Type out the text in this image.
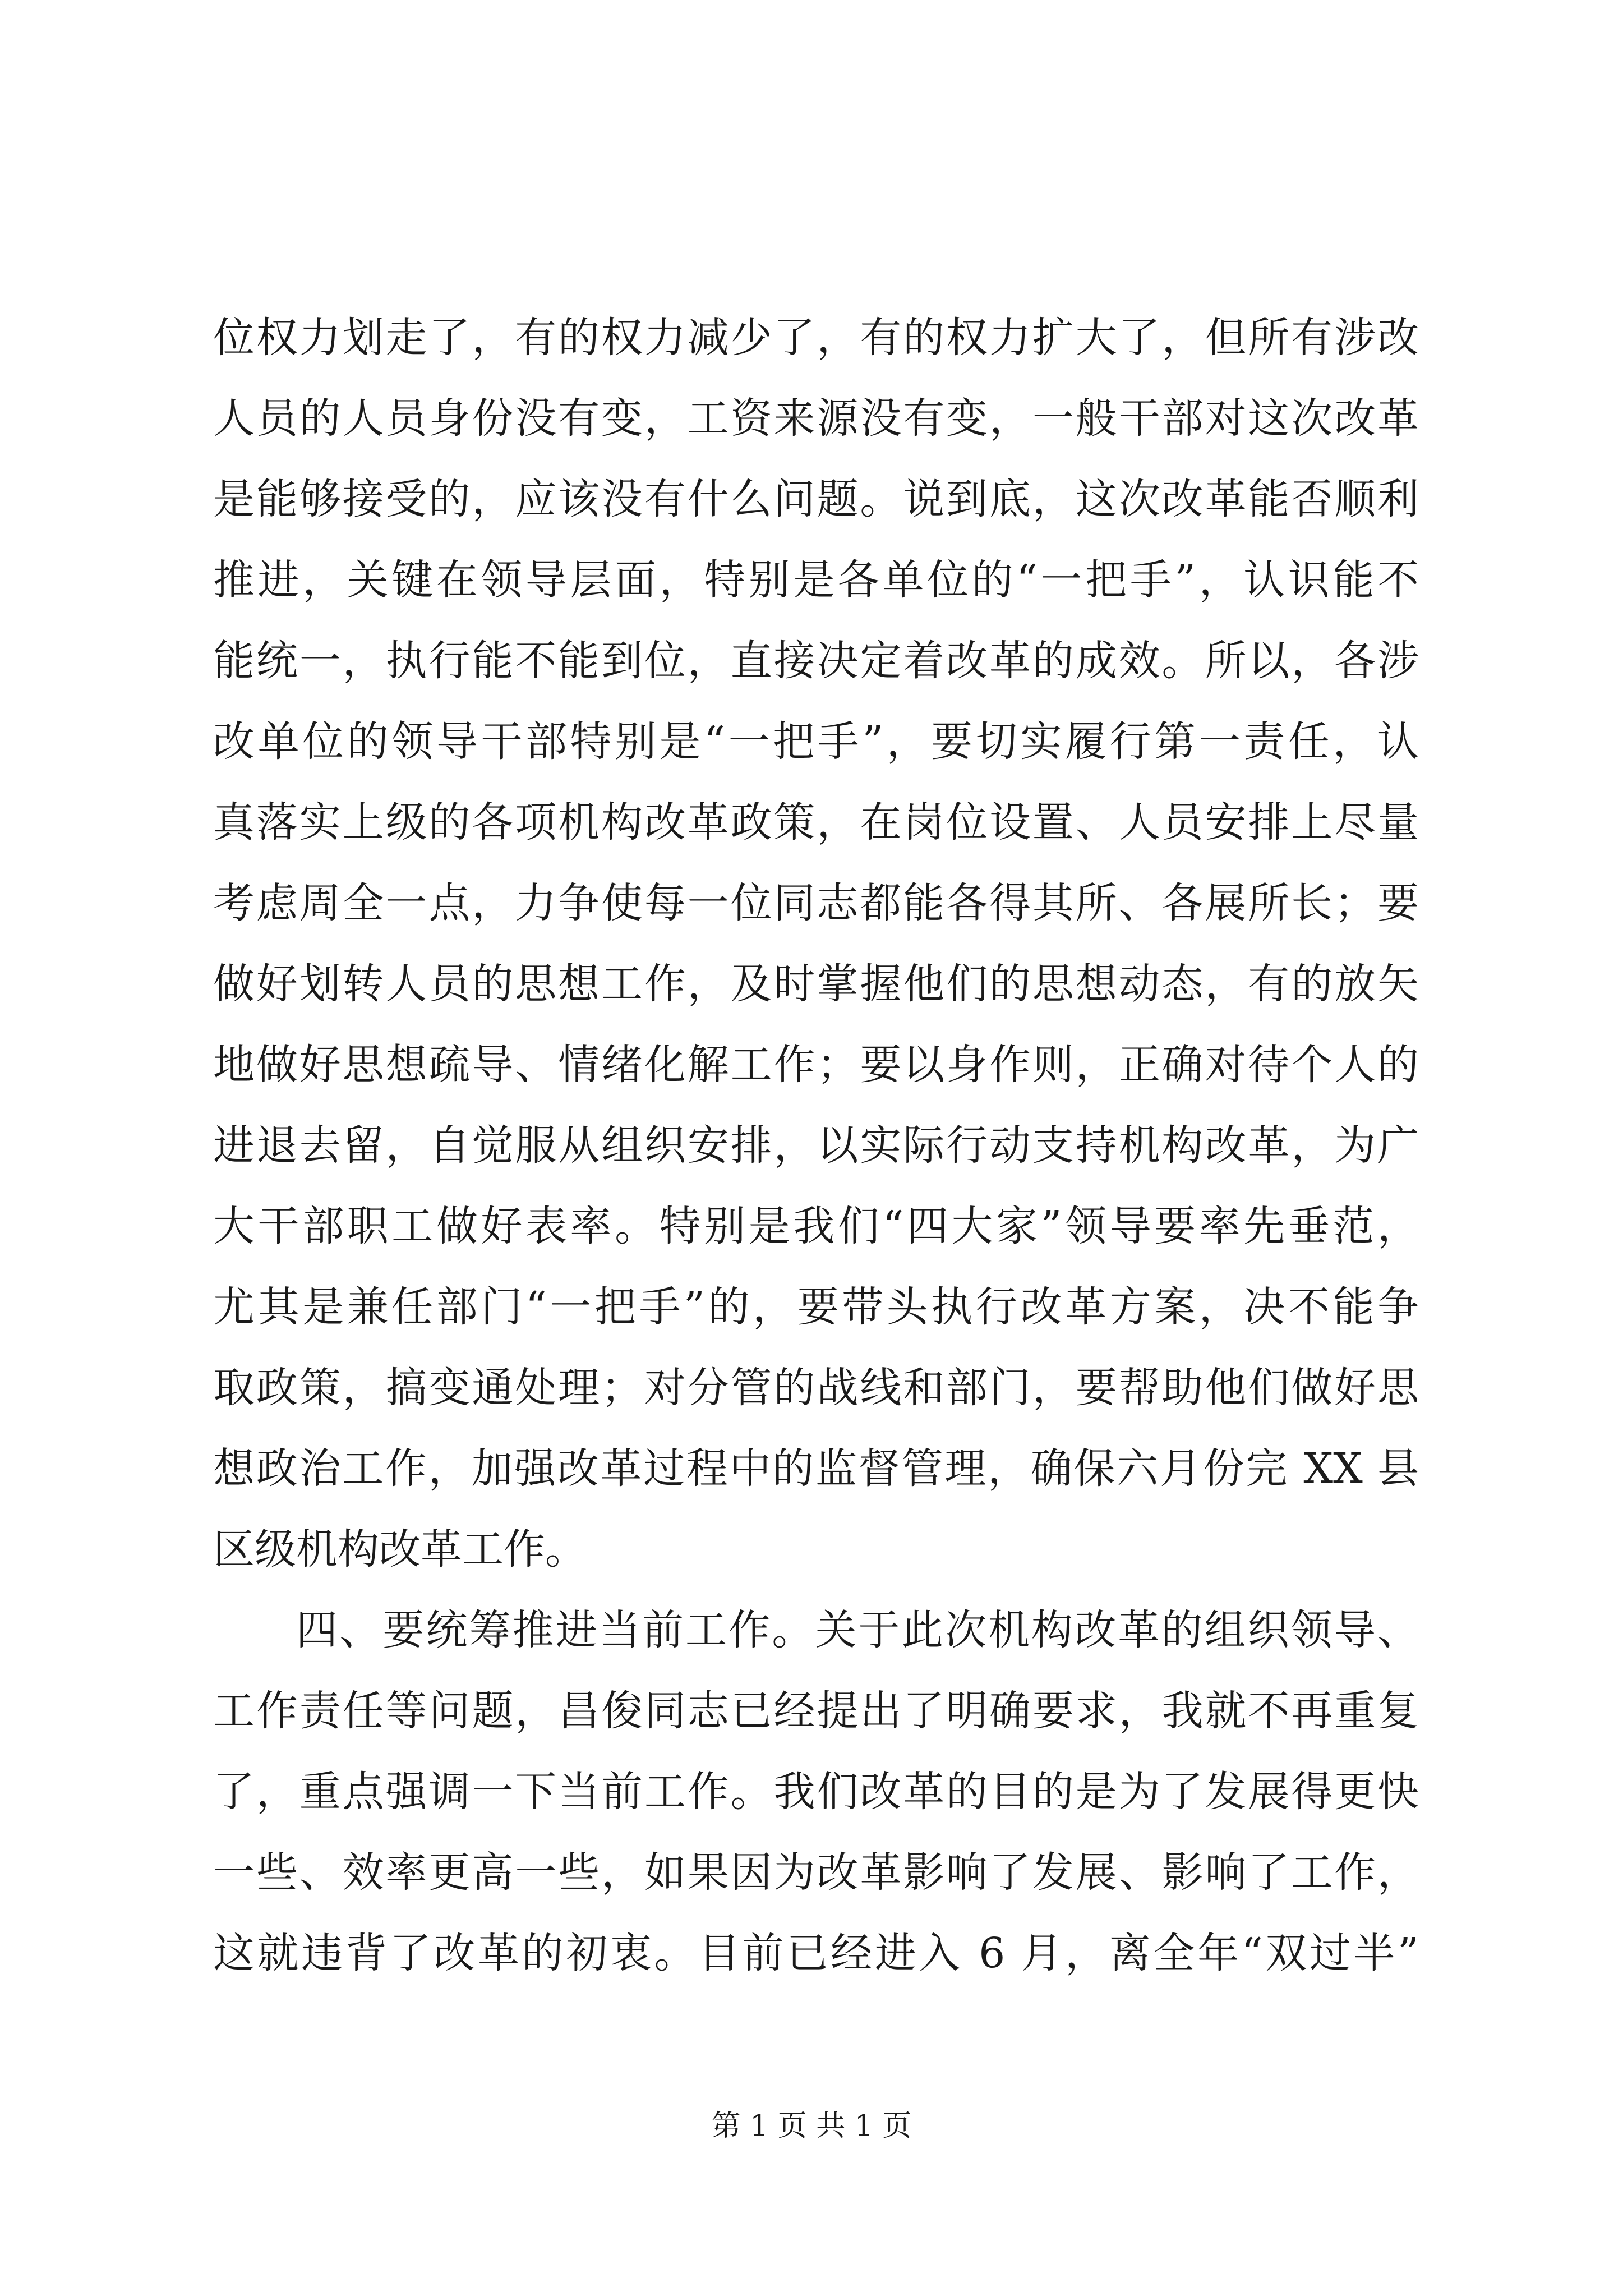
位权力划走了，有的权力减少了，有的权力扩大了，但所有涉改
人员的人员身份没有变，工资来源没有变，一般干部对这次改革
是能够接受的，应该没有什么问题。说到底，这次改革能否顺利
推进，关键在领导层面，特别是各单位的“一把手”，认识能不
能统一，执行能不能到位，直接决定着改革的成效。所以，各涉
改单位的领导干部特别是“一把手”，要切实履行第一责任，认
真落实上级的各项机构改革政策，在岗位设置、人员安排上尽量
考虑周全一点，力争使每一位同志都能各得其所、各展所长；要
做好划转人员的思想工作，及时掌握他们的思想动态，有的放矢
地做好思想疏导、情绪化解工作；要以身作则，正确对待个人的
进退去留，自觉服从组织安排，以实际行动支持机构改革，为广
大干部职工做好表率。特别是我们“四大家”领导要率先垂范，
尤其是兼任部门“一把手”的，要带头执行改革方案，决不能争
取政策，搞变通处理；对分管的战线和部门，要帮助他们做好思
想政治工作，加强改革过程中的监督管理，确保六月份完 XX 县
区级机构改革工作。
四、要统筹推进当前工作。关于此次机构改革的组织领导、
工作责任等问题，昌俊同志已经提出了明确要求，我就不再重复
了，重点强调一下当前工作。我们改革的目的是为了发展得更快
一些、效率更高一些，如果因为改革影响了发展、影响了工作，
这就违背了改革的初衷。目前已经进入 6 月，离全年“双过半”
第 1 页 共 1 页
